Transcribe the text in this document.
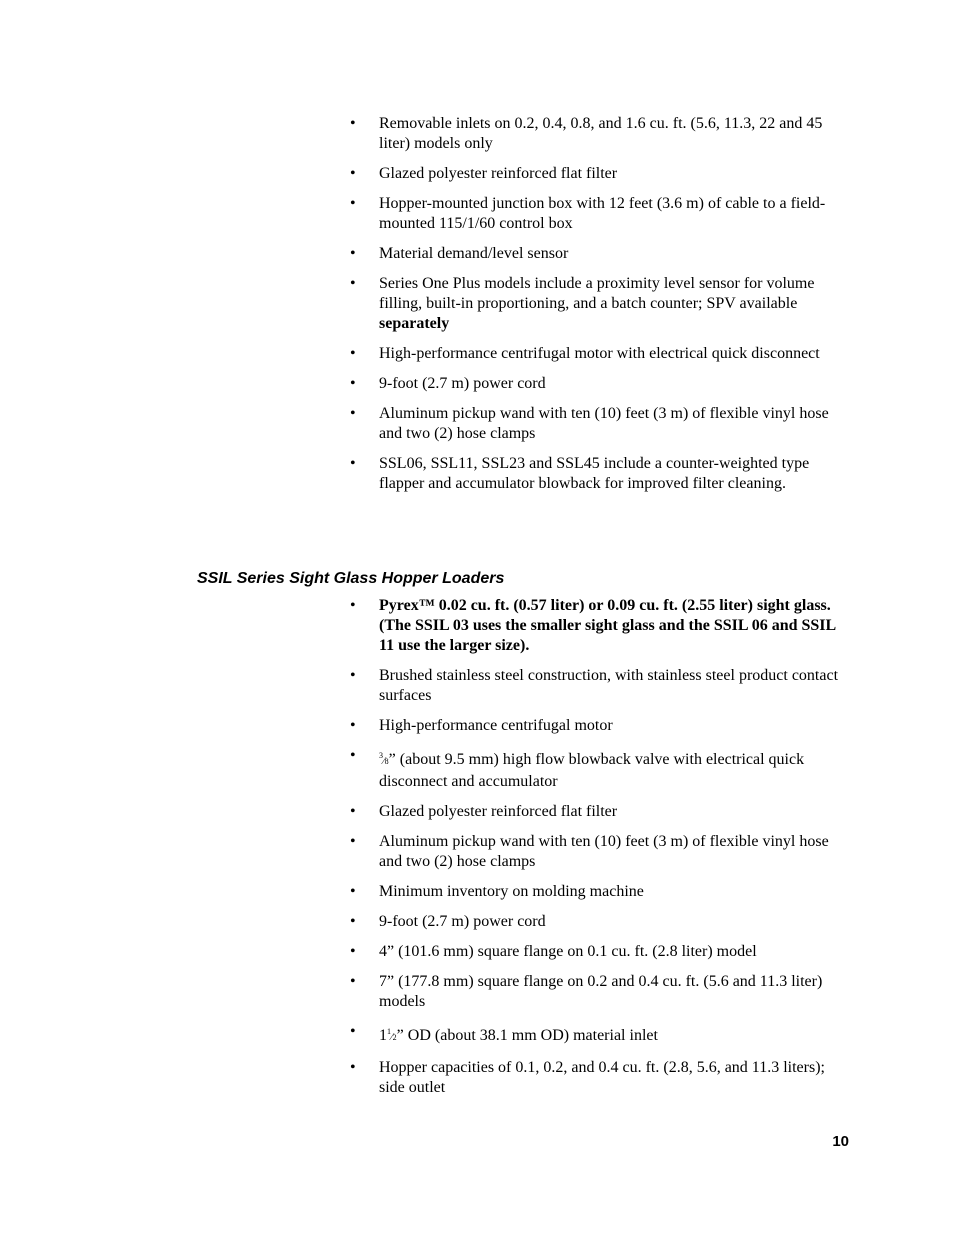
• Removable inlets on 0.2, 0.4, 0.8, and 1.6 cu. ft. (5.6, 11.3, 22 and 45 liter) models only
• Glazed polyester reinforced flat filter
• Hopper-mounted junction box with 12 feet (3.6 m) of cable to a field-mounted 115/1/60 control box
• Material demand/level sensor
• Series One Plus models include a proximity level sensor for volume filling, built-in proportioning, and a batch counter; SPV available
separately
• High-performance centrifugal motor with electrical quick disconnect
• 9-foot (2.7 m) power cord
• Aluminum pickup wand with ten (10) feet (3 m) of flexible vinyl hose and two (2) hose clamps
• SSL06, SSL11, SSL23 and SSL45 include a counter-weighted type flapper and accumulator blowback for improved filter cleaning.
SSIL Series Sight Glass Hopper Loaders
• Pyrex™ 0.02 cu. ft. (0.57 liter) or 0.09 cu. ft. (2.55 liter) sight glass. (The SSIL 03 uses the smaller sight glass and the SSIL 06 and SSIL 11 use the larger size).
• Brushed stainless steel construction, with stainless steel product contact surfaces
• High-performance centrifugal motor
•	$^3$⁄8” (about 9.5 mm) high flow blowback valve with electrical quick disconnect and accumulator
• Glazed polyester reinforced flat filter
• Aluminum pickup wand with ten (10) feet (3 m) of flexible vinyl hose and two (2) hose clamps
• Minimum inventory on molding machine
• 9-foot (2.7 m) power cord
• 4” (101.6 mm) square flange on 0.1 cu. ft. (2.8 liter) model
• 7” (177.8 mm) square flange on 0.2 and 0.4 cu. ft. (5.6 and 11.3 liter) models
• $1^1⁄2$” OD (about 38.1 mm OD) material inlet
• Hopper capacities of 0.1, 0.2, and 0.4 cu. ft. (2.8, 5.6, and 11.3 liters); side outlet
10
